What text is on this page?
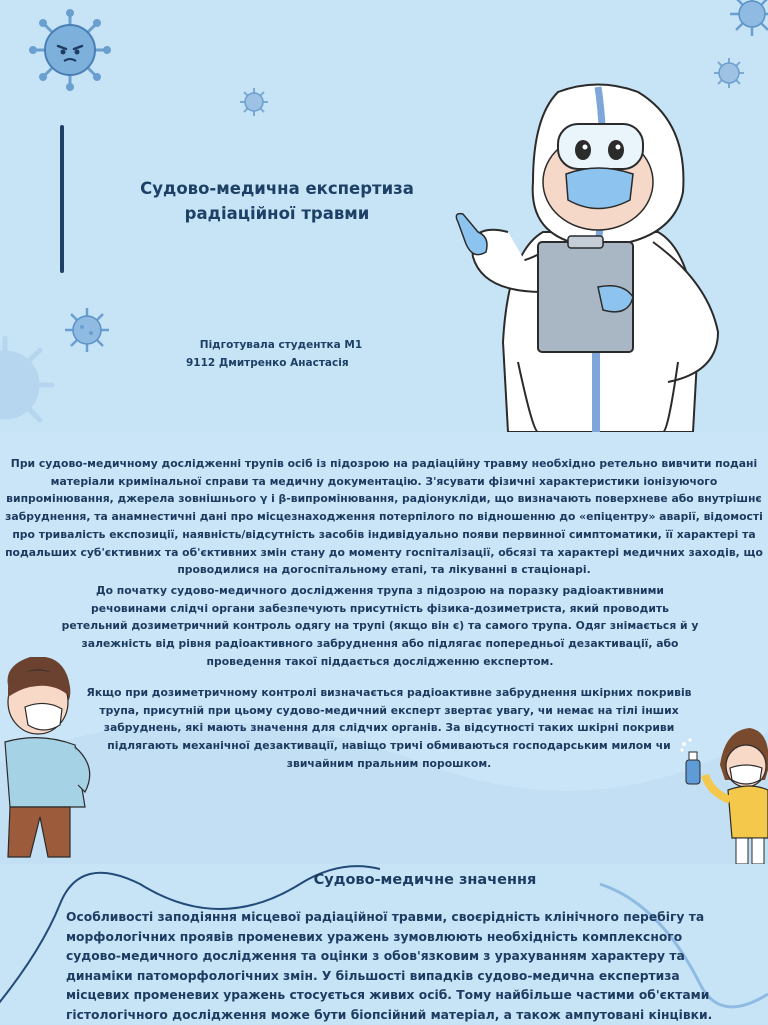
Судово-медична експертиза радіаційної травми
Підготувала студентка М1
9112 Дмитренко Анастасія

При судово-медичному дослідженні трупів осіб із підозрою на радіаційну травму необхідно ретельно вивчити подані матеріали кримінальної справи та медичну документацію. З'ясувати фізичні характеристики іонізуючого випромінювання, джерела зовнішнього γ і β-випромінювання, радіонукліди, що визначають поверхневе або внутрішнє забруднення, та анамнестичні дані про місцезнаходження потерпілого по відношенню до «епіцентру» аварії, відомості про тривалість експозиції, наявність/відсутність засобів індивідуально появи первинної симптоматики, її характері та подальших суб'єктивних та об'єктивних змін стану до моменту госпіталізації, обсязі та характері медичних заходів, що проводилися на догоспітальному етапі, та лікуванні в стаціонарі.

До початку судово-медичного дослідження трупа з підозрою на поразку радіоактивними речовинами слідчі органи забезпечують присутність фізика-дозиметриста, який проводить ретельний дозиметричний контроль одягу на трупі (якщо він є) та самого трупа. Одяг знімається й у залежність від рівня радіоактивного забруднення або підлягає попередньої дезактивації, або проведення такої піддається дослідженню експертом.

Якщо при дозиметричному контролі визначається радіоактивне забруднення шкірних покривів трупа, присутній при цьому судово-медичний експерт звертає увагу, чи немає на тілі інших забруднень, які мають значення для слідчих органів. За відсутності таких шкірні покриви підлягають механічної дезактивації, навіщо тричі обмиваються господарським милом чи звичайним пральним порошком.

Судово-медичне значення

Особливості заподіяння місцевої радіаційної травми, своєрідність клінічного перебігу та морфологічних проявів променевих уражень зумовлюють необхідність комплексного судово-медичного дослідження та оцінки з обов'язковим з урахуванням характеру та динаміки патоморфологічних змін. У більшості випадків судово-медична експертиза місцевих променевих уражень стосується живих осіб. Тому найбільше частими об'єктами гістологічного дослідження може бути біопсійний матеріал, а також ампутовані кінцівки.
